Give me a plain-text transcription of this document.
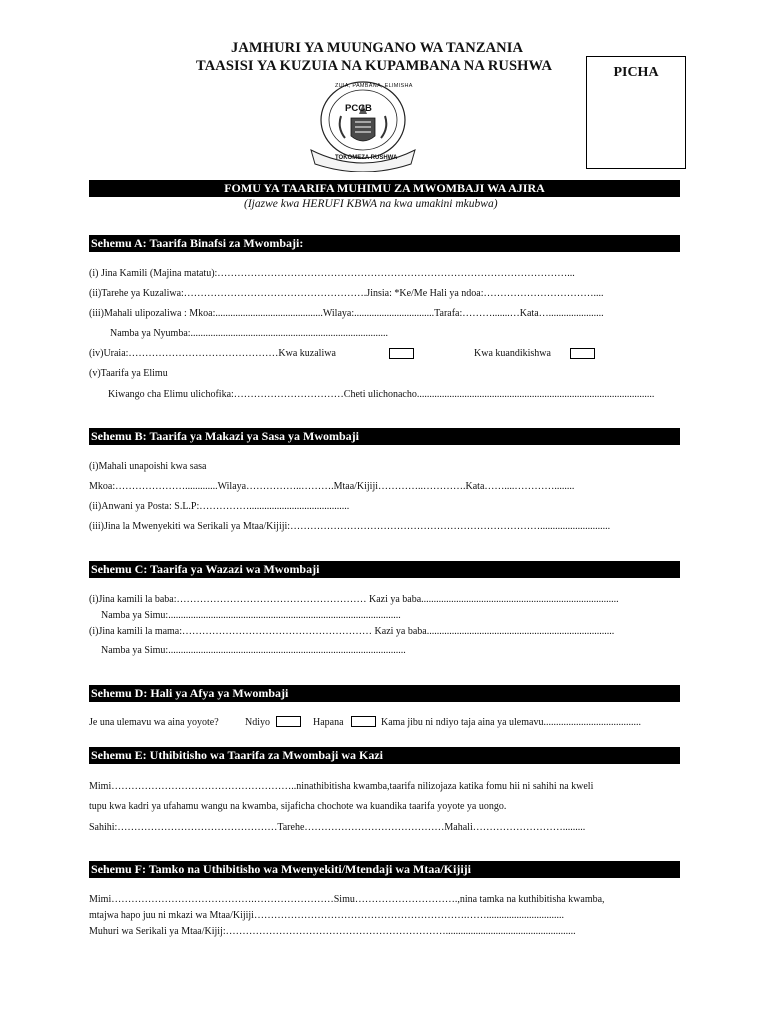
JAMHURI YA MUUNGANO WA TANZANIA
TAASISI YA KUZUIA NA KUPAMBANA NA RUSHWA
PCCB
ZUIA, PAMBANA, ELIMISHA
TOKOMEZA RUSHWA
PICHA
FOMU YA TAARIFA MUHIMU ZA MWOMBAJI WA AJIRA
(Ijazwe kwa HERUFI KBWA na kwa umakini mkubwa)
Sehemu A: Taarifa Binafsi za Mwombaji:
(i) Jina Kamili (Majina matatu):……………………………………………………………………………………………...
(ii)Tarehe ya Kuzaliwa:……………………………………………….Jinsia: *Ke/Me Hali ya ndoa:……………………………....
(iii)Mahali ulipozaliwa : Mkoa:...........................................Wilaya:................................Tarafa:……….......…Kata…......................
Namba ya Nyumba:...............................................................................
(iv)Uraia:………………………………………Kwa kuzaliwa	Kwa kuandikishwa
(v)Taarifa ya Elimu
Kiwango cha Elimu ulichofika:……………………………Cheti ulichonacho...............................................................................................
Sehemu B: Taarifa ya Makazi ya Sasa ya Mwombaji
(i)Mahali unapoishi kwa sasa
Mkoa:………………….............Wilaya……………..……….Mtaa/Kijiji…………..………….Kata……....…………........
(ii)Anwani ya Posta: S.L.P:……………........................................
(iii)Jina la Mwenyekiti wa Serikali ya Mtaa/Kijiji:…………………………………………………………………............................
Sehemu C: Taarifa ya Wazazi wa Mwombaji
(i)Jina kamili la baba:………………………………………………… Kazi ya baba...............................................................................
Namba ya Simu:.............................................................................................
(i)Jina kamili la mama:………………………………………………… Kazi ya baba...........................................................................
Namba ya Simu:...............................................................................................
Sehemu D: Hali ya Afya ya Mwombaji
Je una ulemavu wa aina yoyote?	Ndiyo	Hapana	Kama jibu ni ndiyo taja aina ya ulemavu.......................................
Sehemu E: Uthibitisho wa Taarifa za Mwombaji wa Kazi
Mimi………………………………………………..ninathibitisha kwamba,taarifa nilizojaza katika fomu hii ni sahihi na kweli
tupu kwa kadri ya ufahamu wangu na kwamba, sijaficha chochote wa kuandika taarifa yoyote ya uongo.
Sahihi:…………………………………………Tarehe……………………………………Mahali……………………….........
Sehemu F: Tamko na Uthibitisho wa Mwenyekiti/Mtendaji wa Mtaa/Kijiji
Mimi…………………………………….……………………Simu………………………….,nina tamka na kuthibitisha kwamba,
mtajwa hapo juu ni mkazi wa Mtaa/Kijiji……………………………………………………….……...............................
Muhuri wa Serikali ya Mtaa/Kijij:…………………………………………………………....................................................
